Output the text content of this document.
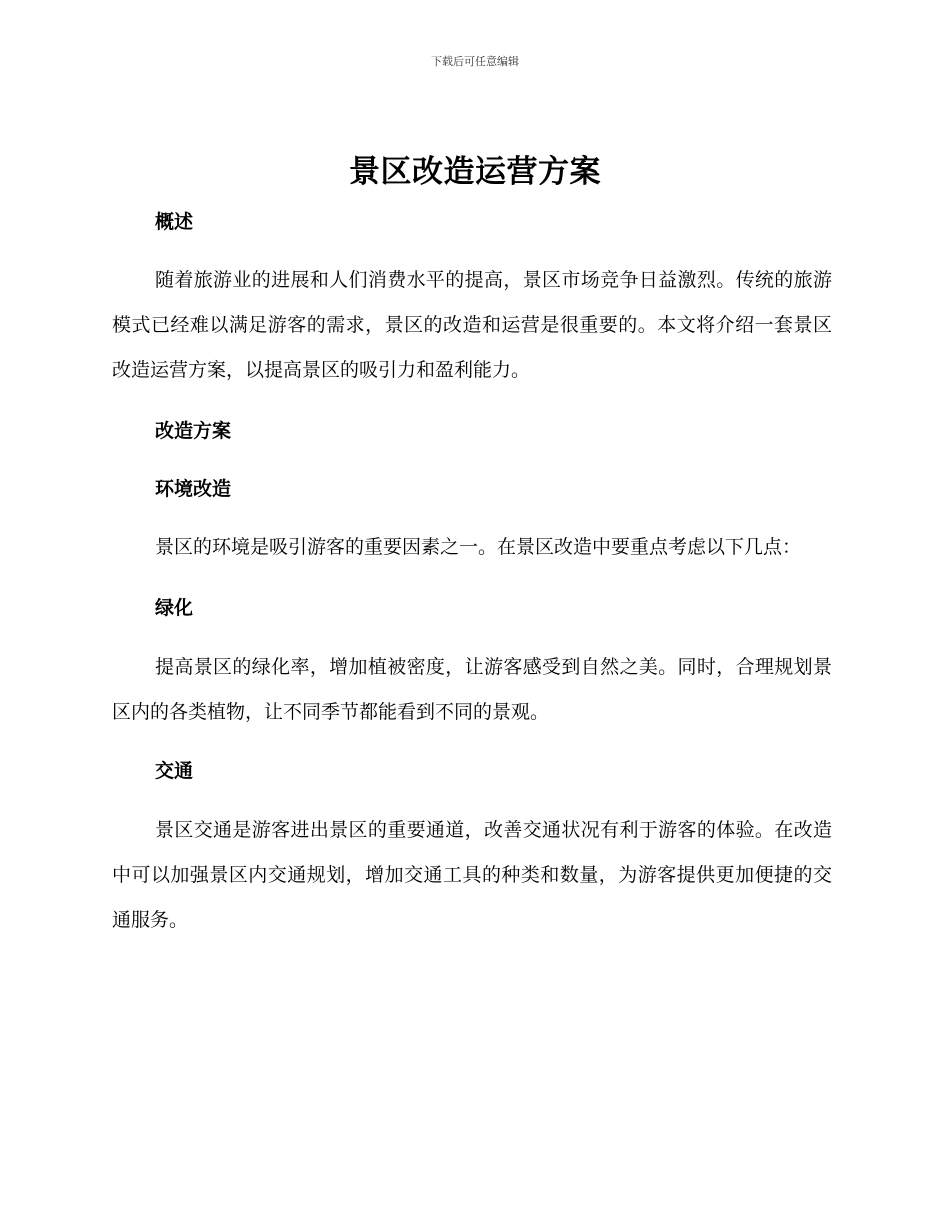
下载后可任意编辑
景区改造运营方案

概述

随着旅游业的进展和人们消费水平的提高，景区市场竞争日益激烈。传统的旅游模式已经难以满足游客的需求，景区的改造和运营是很重要的。本文将介绍一套景区改造运营方案，以提高景区的吸引力和盈利能力。

改造方案

环境改造

景区的环境是吸引游客的重要因素之一。在景区改造中要重点考虑以下几点：

绿化

提高景区的绿化率，增加植被密度，让游客感受到自然之美。同时，合理规划景区内的各类植物，让不同季节都能看到不同的景观。

交通

景区交通是游客进出景区的重要通道，改善交通状况有利于游客的体验。在改造中可以加强景区内交通规划，增加交通工具的种类和数量，为游客提供更加便捷的交通服务。
